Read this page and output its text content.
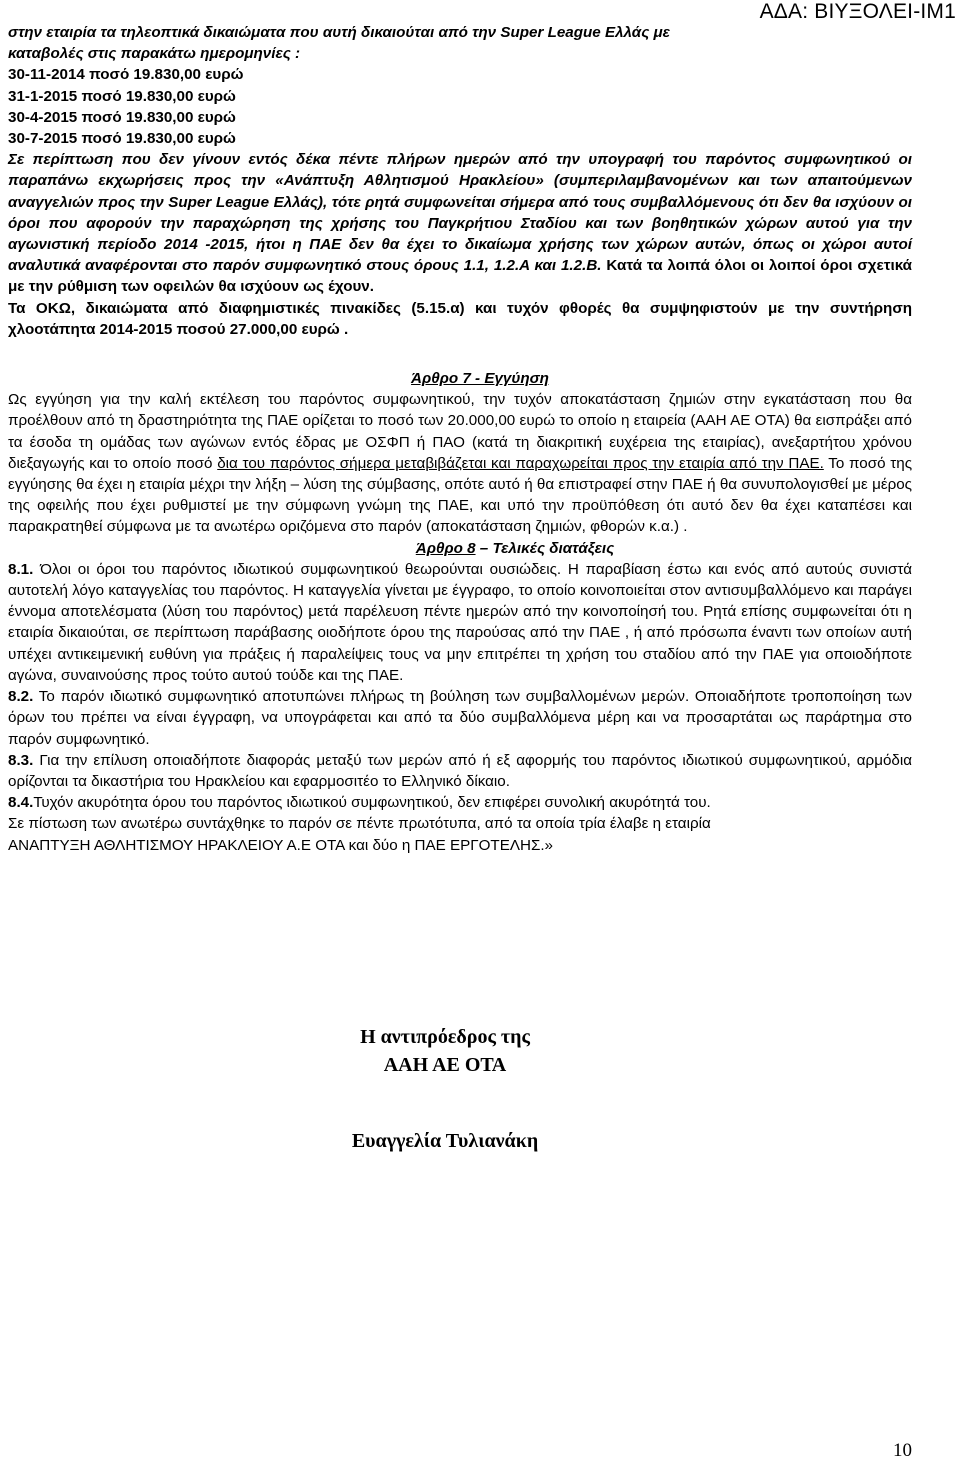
ΑΔΑ: ΒΙΥΞΟΛΕΙ-ΙΜ1

στην εταιρία τα τηλεοπτικά δικαιώματα που αυτή δικαιούται από την Super League Ελλάς με

καταβολές στις παρακάτω ημερομηνίες :

30-11-2014 ποσό 19.830,00 ευρώ

31-1-2015 ποσό 19.830,00 ευρώ

30-4-2015 ποσό 19.830,00 ευρώ

30-7-2015 ποσό 19.830,00 ευρώ

Σε περίπτωση που δεν γίνουν εντός δέκα πέντε πλήρων ημερών από την υπογραφή του παρόντος συμφωνητικού οι παραπάνω εκχωρήσεις προς την «Ανάπτυξη Αθλητισμού Ηρακλείου» (συμπεριλαμβανομένων και των απαιτούμενων αναγγελιών προς την Super League Ελλάς), τότε ρητά συμφωνείται σήμερα από τους συμβαλλόμενους ότι δεν θα ισχύουν οι όροι που αφορούν την παραχώρηση της χρήσης του Παγκρήτιου Σταδίου και των βοηθητικών χώρων αυτού για την αγωνιστική περίοδο 2014 -2015, ήτοι η ΠΑΕ δεν θα έχει το δικαίωμα χρήσης των χώρων αυτών, όπως οι χώροι αυτοί αναλυτικά αναφέρονται στο παρόν συμφωνητικό στους όρους 1.1, 1.2.Α και 1.2.Β. Κατά τα λοιπά όλοι οι λοιποί όροι σχετικά με την ρύθμιση των οφειλών θα ισχύουν ως έχουν.

Τα ΟΚΩ, δικαιώματα από διαφημιστικές πινακίδες (5.15.α) και τυχόν φθορές θα συμψηφιστούν με την συντήρηση χλοοτάπητα 2014-2015 ποσού 27.000,00 ευρώ .

Άρθρο 7 - Εγγύηση

Ως εγγύηση για την καλή εκτέλεση του παρόντος συμφωνητικού, την τυχόν αποκατάσταση ζημιών στην εγκατάσταση που θα προέλθουν από τη δραστηριότητα της ΠΑΕ ορίζεται το ποσό των 20.000,00 ευρώ το οποίο η εταιρεία (ΑΑΗ ΑΕ ΟΤΑ) θα εισπράξει από τα έσοδα τη ομάδας των αγώνων εντός έδρας με ΟΣΦΠ ή ΠΑΟ (κατά τη διακριτική ευχέρεια της εταιρίας), ανεξαρτήτου χρόνου διεξαγωγής και το οποίο ποσό δια του παρόντος σήμερα μεταβιβάζεται και παραχωρείται προς την εταιρία από την ΠΑΕ. Το ποσό της εγγύησης θα έχει η εταιρία μέχρι την λήξη – λύση της σύμβασης, οπότε αυτό ή θα επιστραφεί στην ΠΑΕ ή θα συνυπολογισθεί με μέρος της οφειλής που έχει ρυθμιστεί με την σύμφωνη γνώμη της ΠΑΕ, και υπό την προϋπόθεση ότι αυτό δεν θα έχει καταπέσει και παρακρατηθεί σύμφωνα με τα ανωτέρω οριζόμενα στο παρόν (αποκατάσταση ζημιών, φθορών κ.α.) .

Άρθρο 8 – Τελικές διατάξεις

8.1. Όλοι οι όροι του παρόντος ιδιωτικού συμφωνητικού θεωρούνται ουσιώδεις. Η παραβίαση έστω και ενός από αυτούς συνιστά αυτοτελή λόγο καταγγελίας του παρόντος. Η καταγγελία γίνεται με έγγραφο, το οποίο κοινοποιείται στον αντισυμβαλλόμενο και παράγει έννομα αποτελέσματα (λύση του παρόντος) μετά παρέλευση πέντε ημερών από την κοινοποίησή του. Ρητά επίσης συμφωνείται ότι η εταιρία δικαιούται, σε περίπτωση παράβασης οιοδήποτε όρου της παρούσας από την ΠΑΕ , ή από πρόσωπα έναντι των οποίων αυτή υπέχει αντικειμενική ευθύνη για πράξεις ή παραλείψεις τους να μην επιτρέπει τη χρήση του σταδίου από την ΠΑΕ για οποιοδήποτε αγώνα, συναινούσης προς τούτο αυτού τούδε και της ΠΑΕ.

8.2. Το παρόν ιδιωτικό συμφωνητικό αποτυπώνει πλήρως τη βούληση των συμβαλλομένων μερών. Οποιαδήποτε τροποποίηση των όρων του πρέπει να είναι έγγραφη, να υπογράφεται και από τα δύο συμβαλλόμενα μέρη και να προσαρτάται ως παράρτημα στο παρόν συμφωνητικό.

8.3. Για την επίλυση οποιαδήποτε διαφοράς μεταξύ των μερών από ή εξ αφορμής του παρόντος ιδιωτικού συμφωνητικού, αρμόδια ορίζονται τα δικαστήρια του Ηρακλείου και εφαρμοσιτέο το Ελληνικό δίκαιο.

8.4.Τυχόν ακυρότητα όρου του παρόντος ιδιωτικού συμφωνητικού, δεν επιφέρει συνολική ακυρότητά του.

Σε πίστωση των ανωτέρω συντάχθηκε το παρόν σε πέντε πρωτότυπα, από τα οποία τρία έλαβε η εταιρία

ΑΝΑΠΤΥΞΗ ΑΘΛΗΤΙΣΜΟΥ ΗΡΑΚΛΕΙΟΥ Α.Ε ΟΤΑ και δύο η ΠΑΕ ΕΡΓΟΤΕΛΗΣ.»

Η αντιπρόεδρος της
ΑΑΗ ΑΕ ΟΤΑ
Ευαγγελία Τυλιανάκη
10
